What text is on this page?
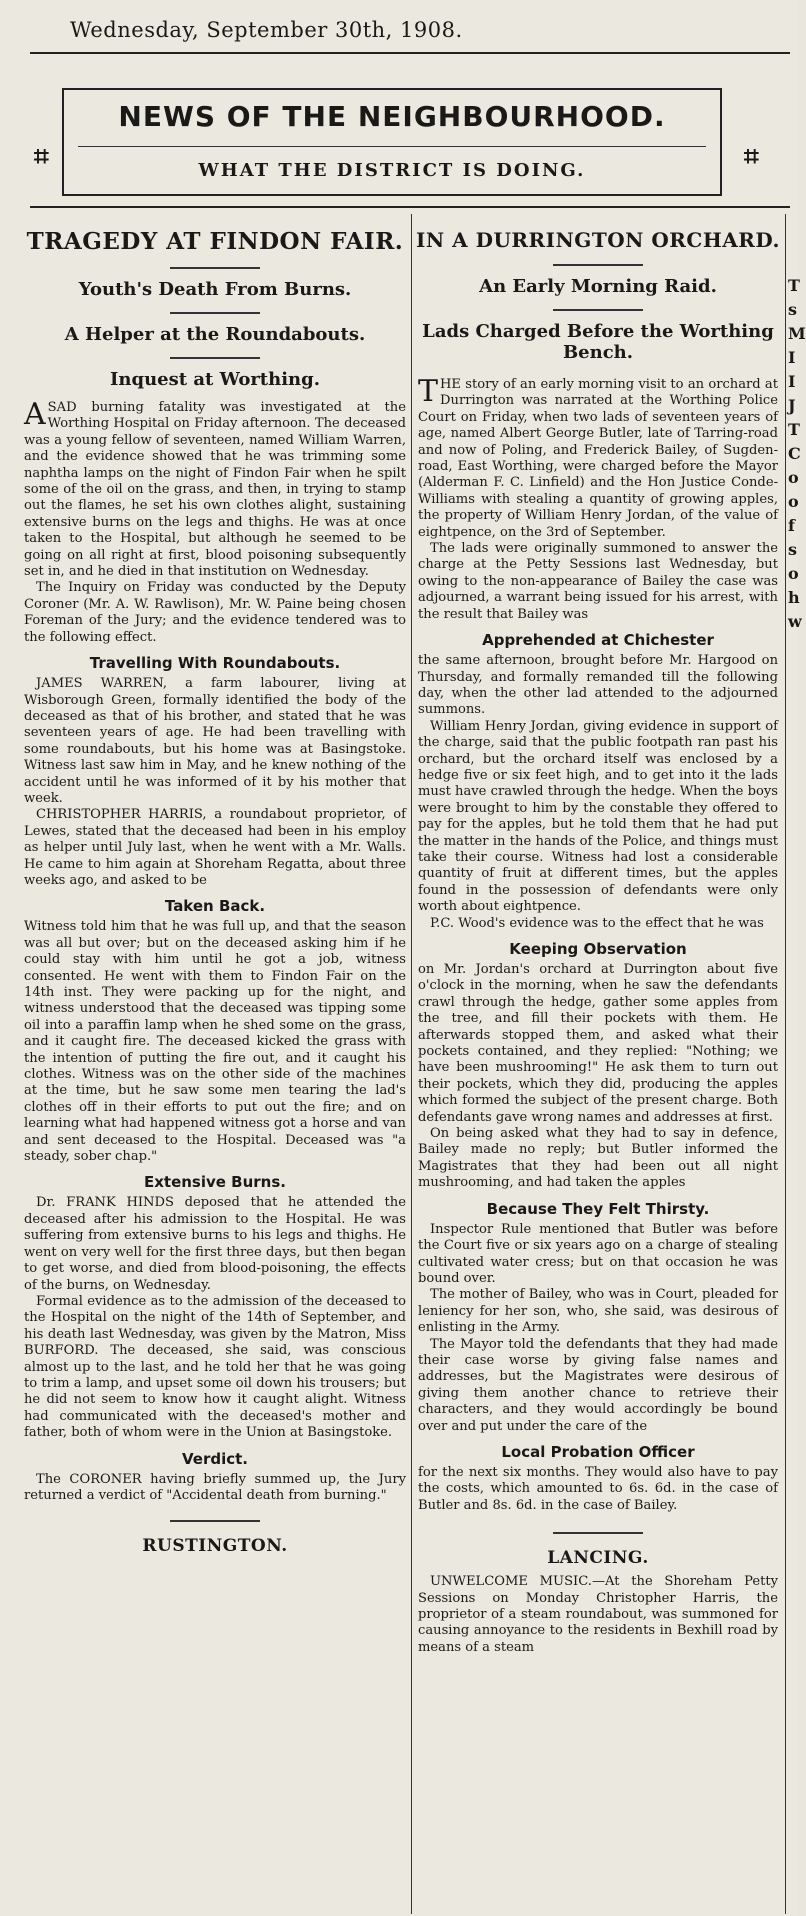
Wednesday, September 30th, 1908.
NEWS OF THE NEIGHBOURHOOD.
WHAT THE DISTRICT IS DOING.
⌗	⌗
TRAGEDY AT FINDON FAIR.
Youth's Death From Burns.
A Helper at the Roundabouts.
Inquest at Worthing.

ASAD burning fatality was investigated at the Worthing Hospital on Friday afternoon. The deceased was a young fellow of seventeen, named William Warren, and the evidence showed that he was trimming some naphtha lamps on the night of Findon Fair when he spilt some of the oil on the grass, and then, in trying to stamp out the flames, he set his own clothes alight, sustaining extensive burns on the legs and thighs. He was at once taken to the Hospital, but although he seemed to be going on all right at first, blood poisoning subsequently set in, and he died in that institution on Wednesday.

The Inquiry on Friday was conducted by the Deputy Coroner (Mr. A. W. Rawlison), Mr. W. Paine being chosen Foreman of the Jury; and the evidence tendered was to the following effect.

Travelling With Roundabouts.

JAMES WARREN, a farm labourer, living at Wisborough Green, formally identified the body of the deceased as that of his brother, and stated that he was seventeen years of age. He had been travelling with some roundabouts, but his home was at Basingstoke. Witness last saw him in May, and he knew nothing of the accident until he was informed of it by his mother that week.

CHRISTOPHER HARRIS, a roundabout proprietor, of Lewes, stated that the deceased had been in his employ as helper until July last, when he went with a Mr. Walls. He came to him again at Shoreham Regatta, about three weeks ago, and asked to be

Taken Back.

Witness told him that he was full up, and that the season was all but over; but on the deceased asking him if he could stay with him until he got a job, witness consented. He went with them to Findon Fair on the 14th inst. They were packing up for the night, and witness understood that the deceased was tipping some oil into a paraffin lamp when he shed some on the grass, and it caught fire. The deceased kicked the grass with the intention of putting the fire out, and it caught his clothes. Witness was on the other side of the machines at the time, but he saw some men tearing the lad's clothes off in their efforts to put out the fire; and on learning what had happened witness got a horse and van and sent deceased to the Hospital. Deceased was "a steady, sober chap."

Extensive Burns.

Dr. FRANK HINDS deposed that he attended the deceased after his admission to the Hospital. He was suffering from extensive burns to his legs and thighs. He went on very well for the first three days, but then began to get worse, and died from blood-poisoning, the effects of the burns, on Wednesday.

Formal evidence as to the admission of the deceased to the Hospital on the night of the 14th of September, and his death last Wednesday, was given by the Matron, Miss BURFORD. The deceased, she said, was conscious almost up to the last, and he told her that he was going to trim a lamp, and upset some oil down his trousers; but he did not seem to know how it caught alight. Witness had communicated with the deceased's mother and father, both of whom were in the Union at Basingstoke.

Verdict.

The CORONER having briefly summed up, the Jury returned a verdict of "Accidental death from burning."

RUSTINGTON.
IN A DURRINGTON ORCHARD.
An Early Morning Raid.
Lads Charged Before the Worthing Bench.

THE story of an early morning visit to an orchard at Durrington was narrated at the Worthing Police Court on Friday, when two lads of seventeen years of age, named Albert George Butler, late of Tarring-road and now of Poling, and Frederick Bailey, of Sugden-road, East Worthing, were charged before the Mayor (Alderman F. C. Linfield) and the Hon Justice Conde-Williams with stealing a quantity of growing apples, the property of William Henry Jordan, of the value of eightpence, on the 3rd of September.

The lads were originally summoned to answer the charge at the Petty Sessions last Wednesday, but owing to the non-appearance of Bailey the case was adjourned, a warrant being issued for his arrest, with the result that Bailey was

Apprehended at Chichester

the same afternoon, brought before Mr. Hargood on Thursday, and formally remanded till the following day, when the other lad attended to the adjourned summons.

William Henry Jordan, giving evidence in support of the charge, said that the public footpath ran past his orchard, but the orchard itself was enclosed by a hedge five or six feet high, and to get into it the lads must have crawled through the hedge. When the boys were brought to him by the constable they offered to pay for the apples, but he told them that he had put the matter in the hands of the Police, and things must take their course. Witness had lost a considerable quantity of fruit at different times, but the apples found in the possession of defendants were only worth about eightpence.

P.C. Wood's evidence was to the effect that he was

Keeping Observation

on Mr. Jordan's orchard at Durrington about five o'clock in the morning, when he saw the defendants crawl through the hedge, gather some apples from the tree, and fill their pockets with them. He afterwards stopped them, and asked what their pockets contained, and they replied: "Nothing; we have been mushrooming!" He ask them to turn out their pockets, which they did, producing the apples which formed the subject of the present charge. Both defendants gave wrong names and addresses at first.

On being asked what they had to say in defence, Bailey made no reply; but Butler informed the Magistrates that they had been out all night mushrooming, and had taken the apples

Because They Felt Thirsty.

Inspector Rule mentioned that Butler was before the Court five or six years ago on a charge of stealing cultivated water cress; but on that occasion he was bound over.

The mother of Bailey, who was in Court, pleaded for leniency for her son, who, she said, was desirous of enlisting in the Army.

The Mayor told the defendants that they had made their case worse by giving false names and addresses, but the Magistrates were desirous of giving them another chance to retrieve their characters, and they would accordingly be bound over and put under the care of the

Local Probation Officer

for the next six months. They would also have to pay the costs, which amounted to 6s. 6d. in the case of Butler and 8s. 6d. in the case of Bailey.

LANCING.

UNWELCOME MUSIC.—At the Shoreham Petty Sessions on Monday Christopher Harris, the proprietor of a steam roundabout, was summoned for causing annoyance to the residents in Bexhill road by means of a steam

T
s
M
I
I
J
T
C
o
o
f
s
o
h
w
